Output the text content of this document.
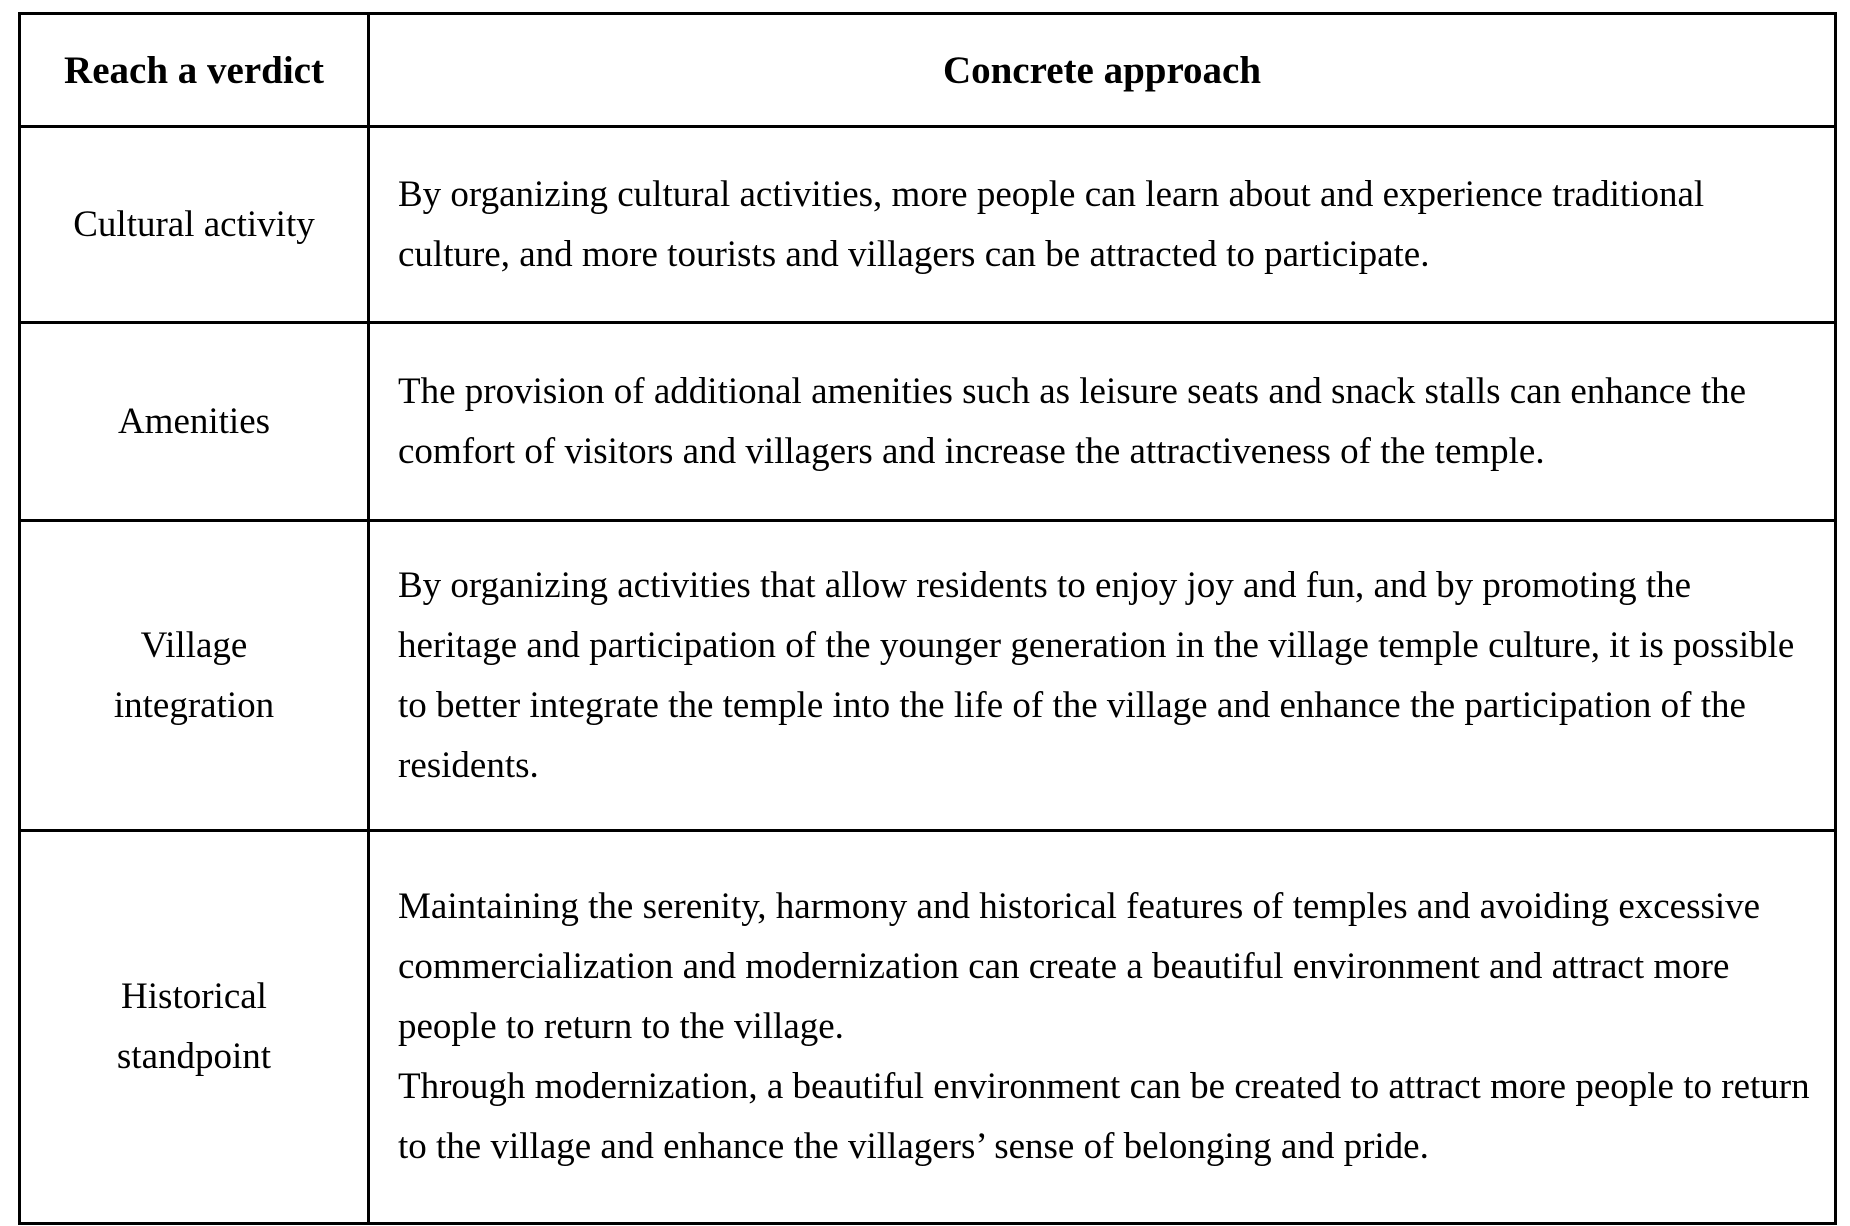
Reach a verdict	Concrete approach
Cultural activity	By organizing cultural activities, more people can learn about and experience traditional culture, and more tourists and villagers can be attracted to participate.

Amenities	The provision of additional amenities such as leisure seats and snack stalls can enhance the comfort of visitors and villagers and increase the attractiveness of the temple.

Village integration	By organizing activities that allow residents to enjoy joy and fun, and by promoting the heritage and participation of the younger generation in the village temple culture, it is possible to better integrate the temple into the life of the village and enhance the participation of the residents.

Historical standpoint	Maintaining the serenity, harmony and historical features of temples and avoiding excessive commercialization and modernization can create a beautiful environment and attract more people to return to the village.
Through modernization, a beautiful environment can be created to attract more people to return to the village and enhance the villagers’ sense of belonging and pride.
